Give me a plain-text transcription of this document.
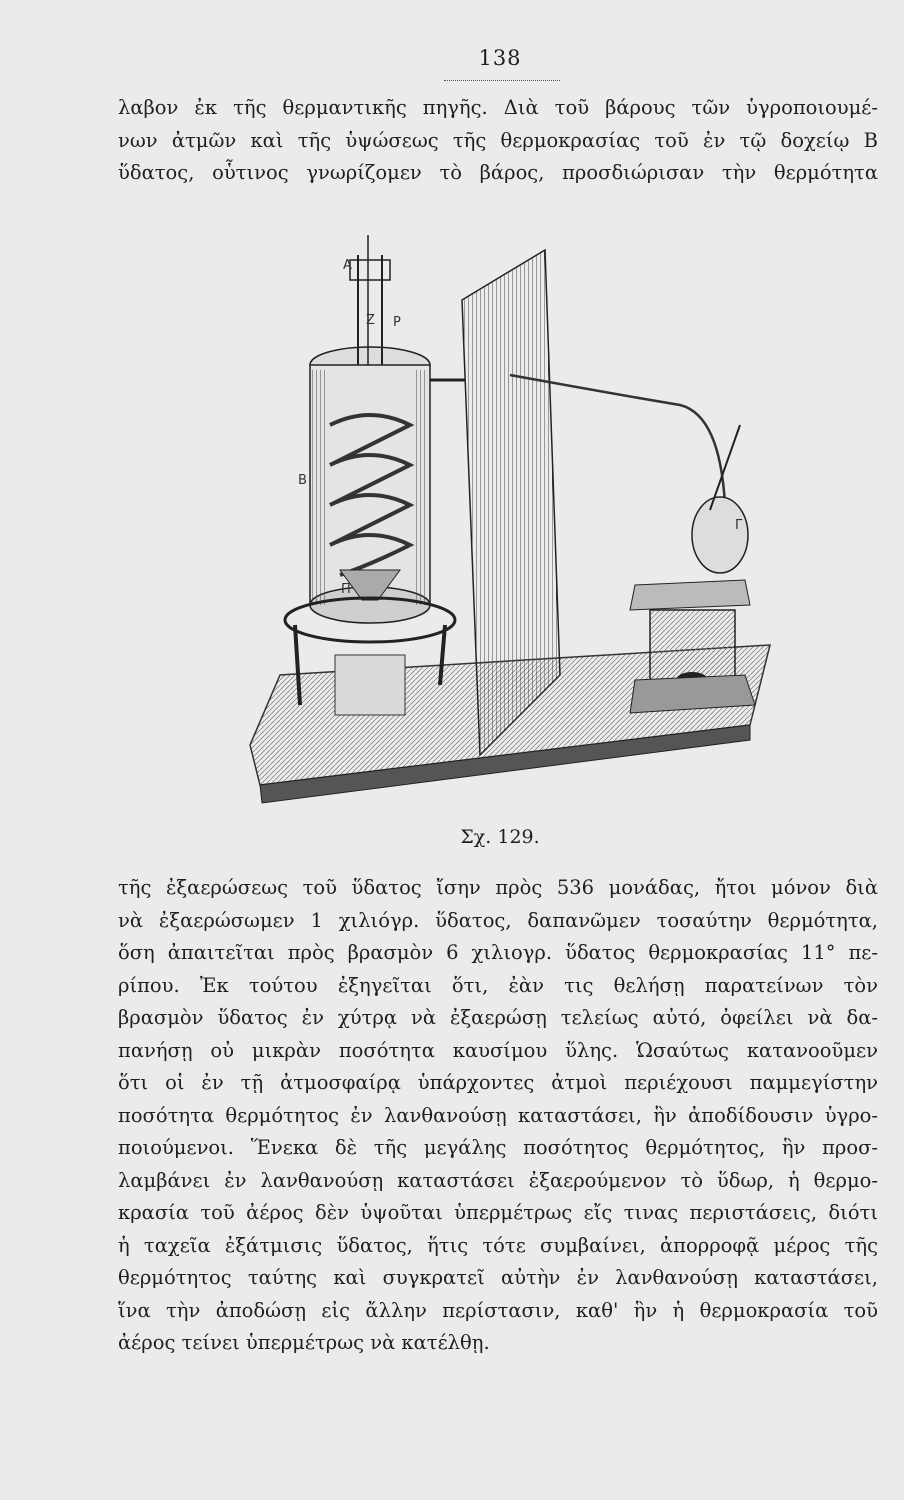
138
λαβον ἐκ τῆς θερμαντικῆς πηγῆς. Διὰ τοῦ βάρους τῶν ὑγροποιουμέ-
νων ἀτμῶν καὶ τῆς ὑψώσεως τῆς θερμοκρασίας τοῦ ἐν τῷ δοχείῳ Β
ὕδατος, οὗτινος γνωρίζομεν τὸ βάρος, προσδιώρισαν τὴν θερμότητα
Α
Ζ Ρ
Β
Π
Γ
Σχ. 129.
τῆς ἐξαερώσεως τοῦ ὕδατος ἴσην πρὸς 536 μονάδας, ἤτοι μόνον διὰ
νὰ ἐξαερώσωμεν 1 χιλιόγρ. ὕδατος, δαπανῶμεν τοσαύτην θερμότητα,
ὅση ἀπαιτεῖται πρὸς βρασμὸν 6 χιλιογρ. ὕδατος θερμοκρασίας 11° πε-
ρίπου. Ἐκ τούτου ἐξηγεῖται ὅτι, ἐὰν τις θελήσῃ παρατείνων τὸν
βρασμὸν ὕδατος ἐν χύτρᾳ νὰ ἐξαερώσῃ τελείως αὐτό, ὀφείλει νὰ δα-
πανήσῃ οὐ μικρὰν ποσότητα καυσίμου ὕλης. Ὡσαύτως κατανοοῦμεν
ὅτι οἱ ἐν τῇ ἀτμοσφαίρᾳ ὑπάρχοντες ἀτμοὶ περιέχουσι παμμεγίστην
ποσότητα θερμότητος ἐν λανθανούσῃ καταστάσει, ἣν ἀποδίδουσιν ὑγρο-
ποιούμενοι. Ἕνεκα δὲ τῆς μεγάλης ποσότητος θερμότητος, ἣν προσ-
λαμβάνει ἐν λανθανούσῃ καταστάσει ἐξαερούμενον τὸ ὕδωρ, ἡ θερμο-
κρασία τοῦ ἀέρος δὲν ὑψοῦται ὑπερμέτρως εἴς τινας περιστάσεις, διότι
ἡ ταχεῖα ἐξάτμισις ὕδατος, ἥτις τότε συμβαίνει, ἀπορροφᾷ μέρος τῆς
θερμότητος ταύτης καὶ συγκρατεῖ αὐτὴν ἐν λανθανούσῃ καταστάσει,
ἵνα τὴν ἀποδώσῃ εἰς ἄλλην περίστασιν, καθ' ἣν ἡ θερμοκρασία τοῦ
ἀέρος τείνει ὑπερμέτρως νὰ κατέλθῃ.
